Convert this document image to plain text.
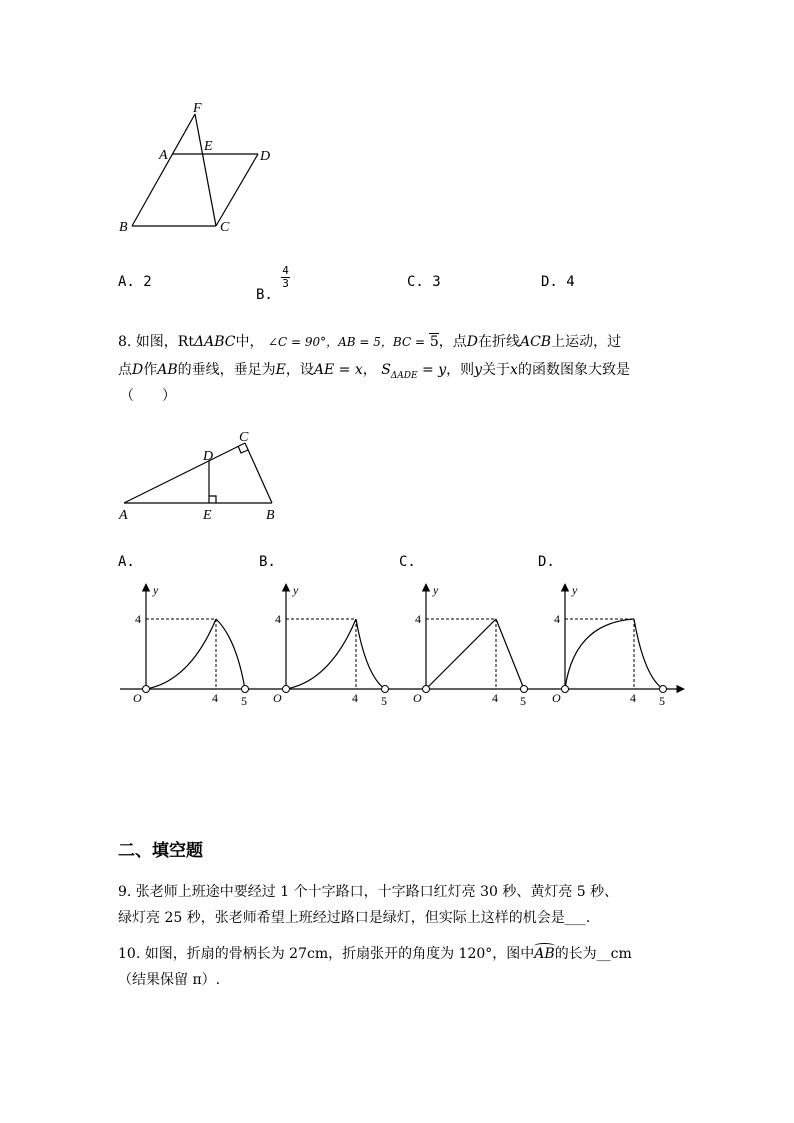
F
A
E
D
B	C
A. 2
B.
$\frac{4}{3}$	C. 3	D. 4
8. 如图，RtΔABC中， ∠C = 90°，AB = 5，BC = 5，点D在折线ACB上运动，过
点D作AB的垂线，垂足为E，设AE = x， $S_{\Delta ADE} = y$，则y关于x的函数图象大致是
（　　）
C
D
A	E	B
A.	B.	C.	D.
y
4
O	4 5
y
4
O	4 5
y
4
O	4 5
y
4
O	4 5
二、填空题
9. 张老师上班途中要经过 1 个十字路口，十字路口红灯亮 30 秒、黄灯亮 5 秒、
绿灯亮 25 秒，张老师希望上班经过路口是绿灯，但实际上这样的机会是___.
10. 如图，折扇的骨柄长为 27cm，折扇张开的角度为 120°，图中AB的长为__cm
（结果保留 π）.
